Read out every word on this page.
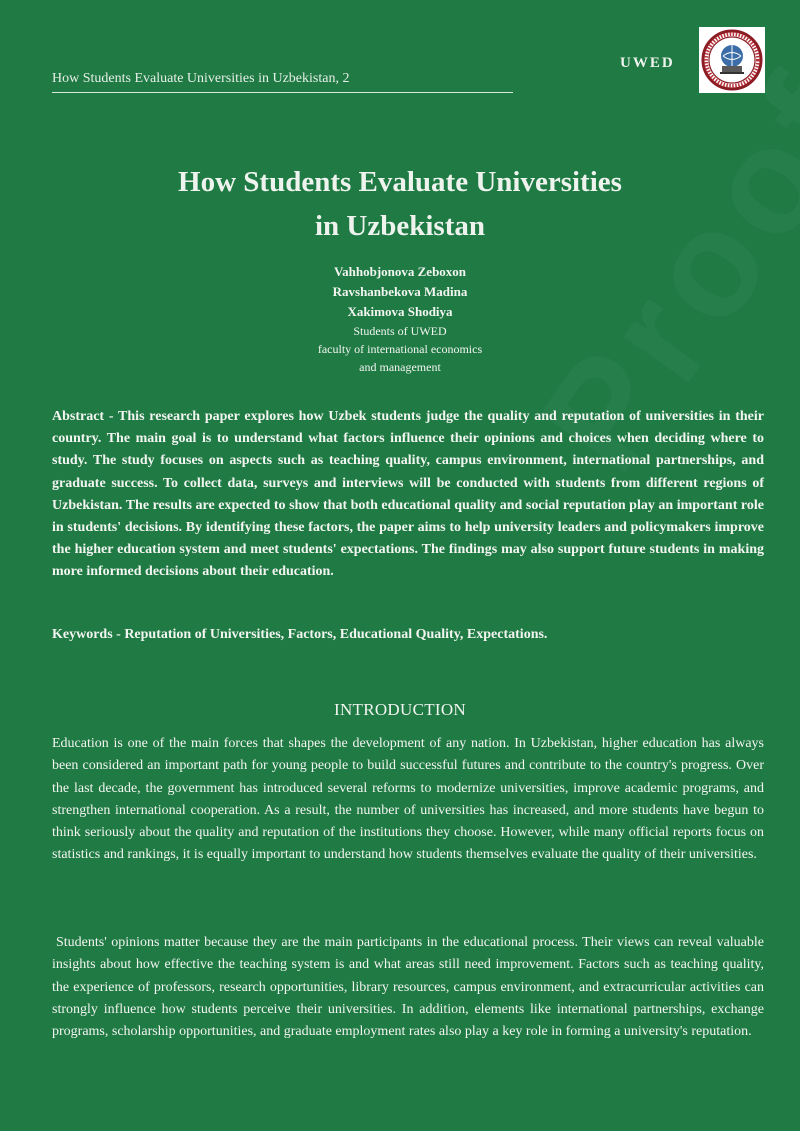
How Students Evaluate Universities in Uzbekistan, 2
UWED
How Students Evaluate Universities
in Uzbekistan
Vahhobjonova Zeboxon
Ravshanbekova Madina
Xakimova Shodiya
Students of UWED
faculty of international economics
and management
Abstract - This research paper explores how Uzbek students judge the quality and reputation of universities in their country. The main goal is to understand what factors influence their opinions and choices when deciding where to study. The study focuses on aspects such as teaching quality, campus environment, international partnerships, and graduate success. To collect data, surveys and interviews will be conducted with students from different regions of Uzbekistan. The results are expected to show that both educational quality and social reputation play an important role in students' decisions. By identifying these factors, the paper aims to help university leaders and policymakers improve the higher education system and meet students' expectations. The findings may also support future students in making more informed decisions about their education.
Keywords - Reputation of Universities, Factors, Educational Quality, Expectations.
INTRODUCTION
Education is one of the main forces that shapes the development of any nation. In Uzbekistan, higher education has always been considered an important path for young people to build successful futures and contribute to the country's progress. Over the last decade, the government has introduced several reforms to modernize universities, improve academic programs, and strengthen international cooperation. As a result, the number of universities has increased, and more students have begun to think seriously about the quality and reputation of the institutions they choose. However, while many official reports focus on statistics and rankings, it is equally important to understand how students themselves evaluate the quality of their universities.
Students' opinions matter because they are the main participants in the educational process. Their views can reveal valuable insights about how effective the teaching system is and what areas still need improvement. Factors such as teaching quality, the experience of professors, research opportunities, library resources, campus environment, and extracurricular activities can strongly influence how students perceive their universities. In addition, elements like international partnerships, exchange programs, scholarship opportunities, and graduate employment rates also play a key role in forming a university's reputation.
